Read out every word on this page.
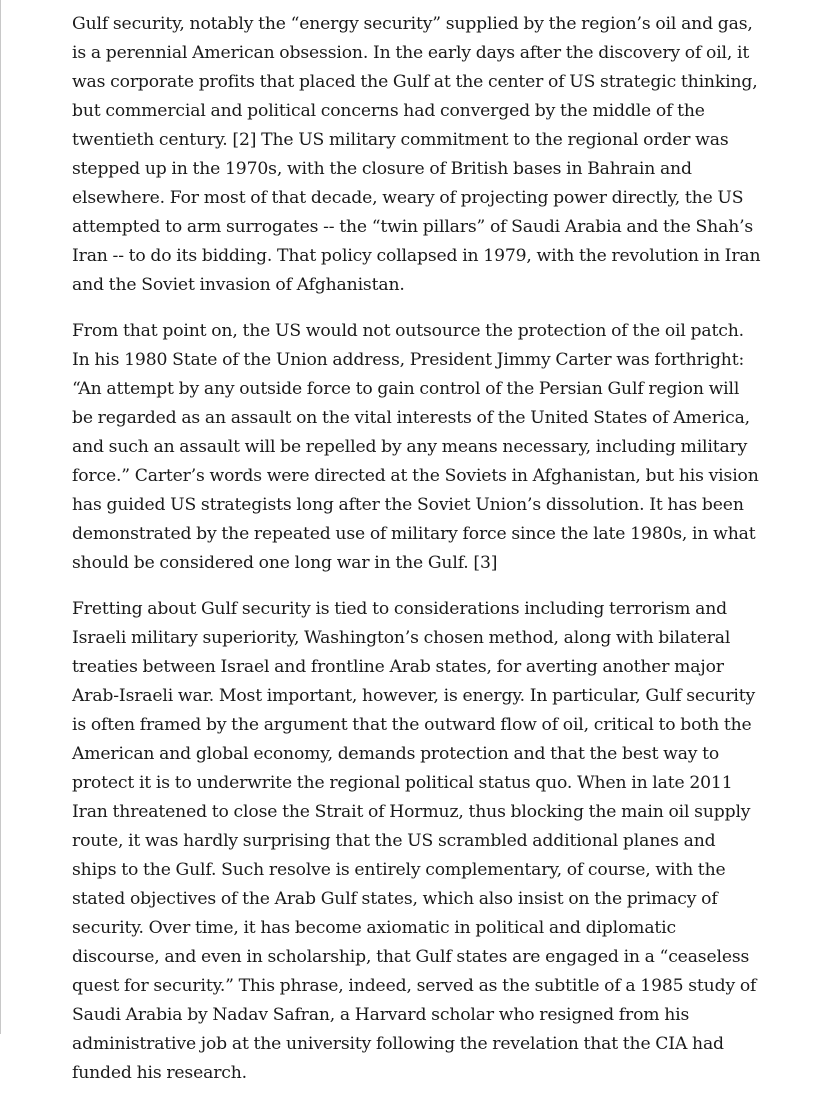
Gulf security, notably the “energy security” supplied by the region’s oil and gas, is a perennial American obsession. In the early days after the discovery of oil, it was corporate profits that placed the Gulf at the center of US strategic thinking, but commercial and political concerns had converged by the middle of the twentieth century. [2] The US military commitment to the regional order was stepped up in the 1970s, with the closure of British bases in Bahrain and elsewhere. For most of that decade, weary of projecting power directly, the US attempted to arm surrogates -- the “twin pillars” of Saudi Arabia and the Shah’s Iran -- to do its bidding. That policy collapsed in 1979, with the revolution in Iran and the Soviet invasion of Afghanistan.

From that point on, the US would not outsource the protection of the oil patch. In his 1980 State of the Union address, President Jimmy Carter was forthright: “An attempt by any outside force to gain control of the Persian Gulf region will be regarded as an assault on the vital interests of the United States of America, and such an assault will be repelled by any means necessary, including military force.” Carter’s words were directed at the Soviets in Afghanistan, but his vision has guided US strategists long after the Soviet Union’s dissolution. It has been demonstrated by the repeated use of military force since the late 1980s, in what should be considered one long war in the Gulf. [3]

Fretting about Gulf security is tied to considerations including terrorism and Israeli military superiority, Washington’s chosen method, along with bilateral treaties between Israel and frontline Arab states, for averting another major Arab-Israeli war. Most important, however, is energy. In particular, Gulf security is often framed by the argument that the outward flow of oil, critical to both the American and global economy, demands protection and that the best way to protect it is to underwrite the regional political status quo. When in late 2011 Iran threatened to close the Strait of Hormuz, thus blocking the main oil supply route, it was hardly surprising that the US scrambled additional planes and ships to the Gulf. Such resolve is entirely complementary, of course, with the stated objectives of the Arab Gulf states, which also insist on the primacy of security. Over time, it has become axiomatic in political and diplomatic discourse, and even in scholarship, that Gulf states are engaged in a “ceaseless quest for security.” This phrase, indeed, served as the subtitle of a 1985 study of Saudi Arabia by Nadav Safran, a Harvard scholar who resigned from his administrative job at the university following the revelation that the CIA had funded his research.
